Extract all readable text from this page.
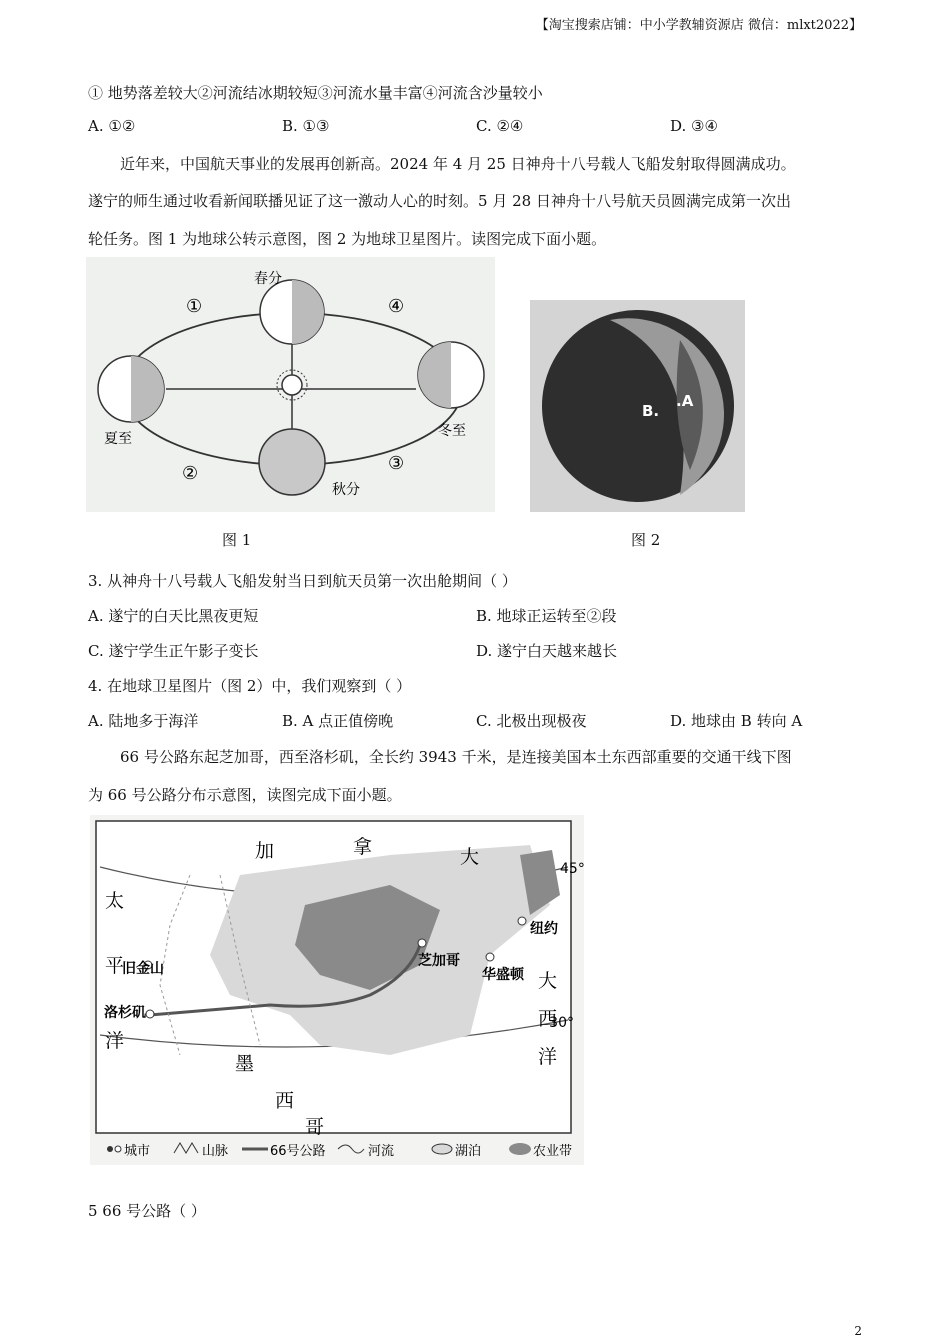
【淘宝搜索店铺：中小学教辅资源店 微信：mlxt2022】
① 地势落差较大②河流结冰期较短③河流水量丰富④河流含沙量较小
A. ①②	B. ①③	C. ②④	D. ③④
近年来，中国航天事业的发展再创新高。2024 年 4 月 25 日神舟十八号载人飞船发射取得圆满成功。
遂宁的师生通过收看新闻联播见证了这一激动人心的时刻。5 月 28 日神舟十八号航天员圆满完成第一次出
轮任务。图 1 为地球公转示意图，图 2 为地球卫星图片。读图完成下面小题。
春分
夏至
秋分
冬至
①
②	③
④
B.
.A
图 1	图 2
3. 从神舟十八号载人飞船发射当日到航天员第一次出舱期间（ ）
A. 遂宁的白天比黑夜更短	B. 地球正运转至②段
C. 遂宁学生正午影子变长	D. 遂宁白天越来越长
4. 在地球卫星图片（图 2）中，我们观察到（ ）
A. 陆地多于海洋	B. A 点正值傍晚	C. 北极出现极夜	D. 地球由 B 转向 A
66 号公路东起芝加哥，西至洛杉矶，全长约 3943 千米，是连接美国本土东西部重要的交通干线下图
为 66 号公路分布示意图，读图完成下面小题。
加	拿	大
太
平
洋
大
西
洋
墨
西
哥
旧金山
洛杉矶
芝加哥
纽约
华盛顿
45°
30°
城市	山脉	66号公路	河流	湖泊	农业带
5 66 号公路（ ）
2
